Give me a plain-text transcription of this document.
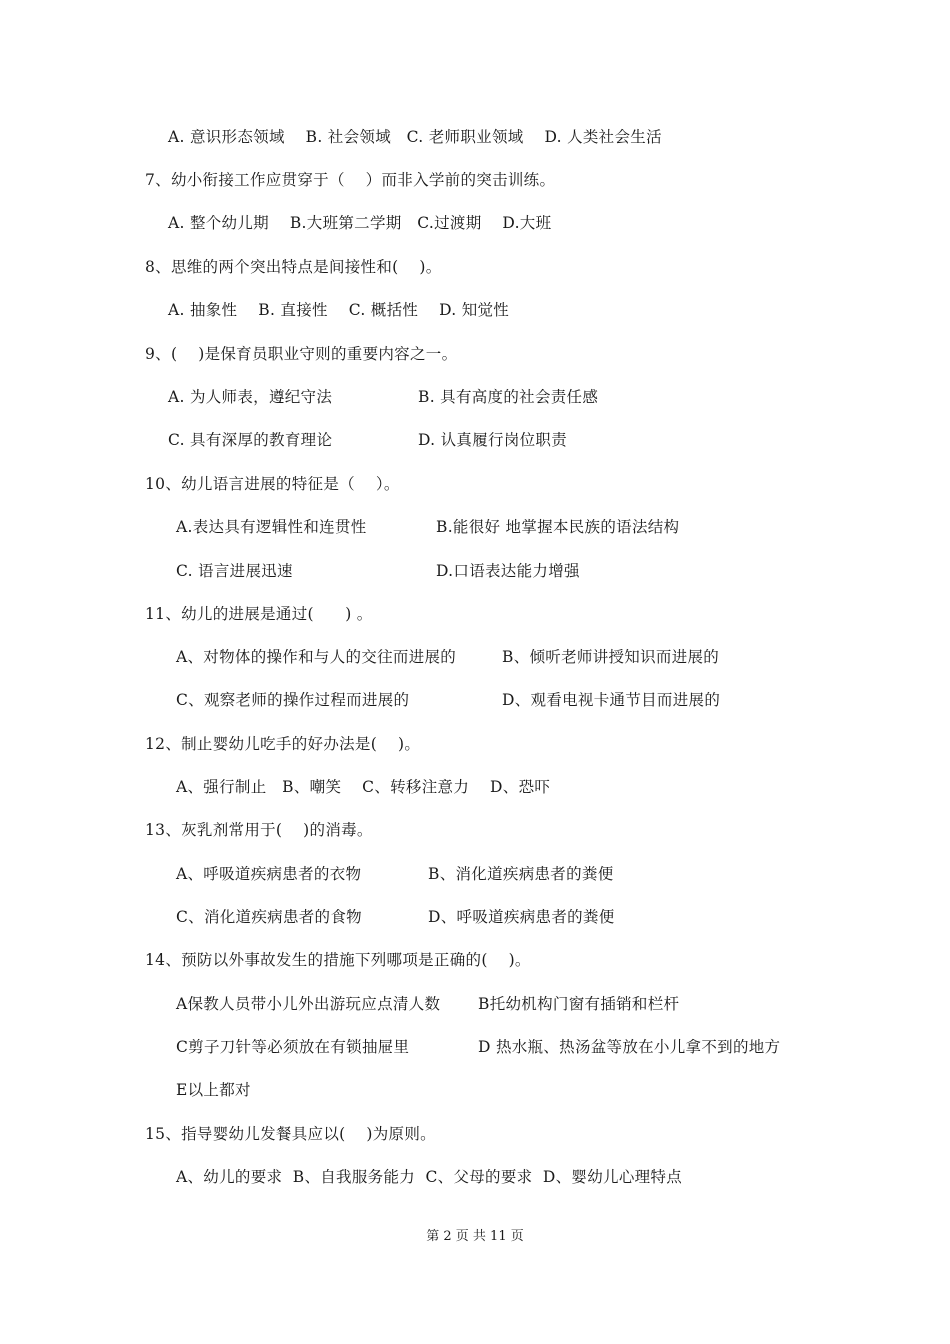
A. 意识形态领域    B. 社会领域   C. 老师职业领域    D. 人类社会生活
7、幼小衔接工作应贯穿于（    ）而非入学前的突击训练。
A. 整个幼儿期    B.大班第二学期   C.过渡期    D.大班
8、思维的两个突出特点是间接性和(    )。
A. 抽象性    B. 直接性    C. 概括性    D. 知觉性
9、(    )是保育员职业守则的重要内容之一。
A. 为人师表，遵纪守法	B. 具有高度的社会责任感
C. 具有深厚的教育理论	D. 认真履行岗位职责
10、幼儿语言进展的特征是（    ）。
A.表达具有逻辑性和连贯性	B.能很好 地掌握本民族的语法结构
C. 语言进展迅速	D.口语表达能力增强
11、幼儿的进展是通过(      ) 。
A、对物体的操作和与人的交往而进展的	B、倾听老师讲授知识而进展的
C、观察老师的操作过程而进展的	D、观看电视卡通节目而进展的
12、制止婴幼儿吃手的好办法是(    )。
A、强行制止   B、嘲笑    C、转移注意力    D、恐吓
13、灰乳剂常用于(    )的消毒。
A、呼吸道疾病患者的衣物	B、消化道疾病患者的粪便
C、消化道疾病患者的食物	D、呼吸道疾病患者的粪便
14、预防以外事故发生的措施下列哪项是正确的(    )。
A保教人员带小儿外出游玩应点清人数 B托幼机构门窗有插销和栏杆
C剪子刀针等必须放在有锁抽屉里	D 热水瓶、热汤盆等放在小儿拿不到的地方
E以上都对
15、指导婴幼儿发餐具应以(    )为原则。
A、幼儿的要求  B、自我服务能力  C、父母的要求  D、婴幼儿心理特点
第 2 页 共 11 页
